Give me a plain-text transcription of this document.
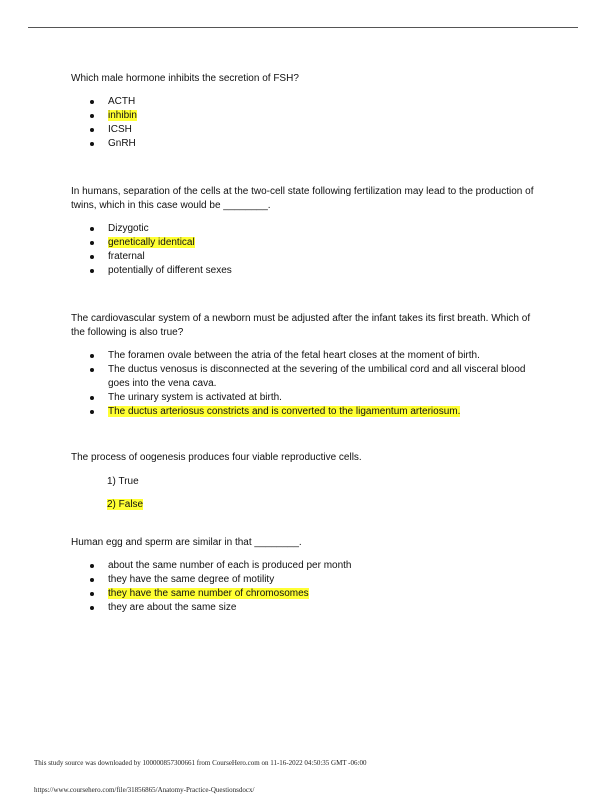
Which male hormone inhibits the secretion of FSH?

ACTH
inhibin
ICSH
GnRH

In humans, separation of the cells at the two-cell state following fertilization may lead to the production of twins, which in this case would be ________.

Dizygotic
genetically identical
fraternal
potentially of different sexes

The cardiovascular system of a newborn must be adjusted after the infant takes its first breath. Which of the following is also true?

The foramen ovale between the atria of the fetal heart closes at the moment of birth.
The ductus venosus is disconnected at the severing of the umbilical cord and all visceral blood goes into the vena cava.
The urinary system is activated at birth.
The ductus arteriosus constricts and is converted to the ligamentum arteriosum.

The process of oogenesis produces four viable reproductive cells.

1) True
2) False

Human egg and sperm are similar in that ________.

about the same number of each is produced per month
they have the same degree of motility
they have the same number of chromosomes
they are about the same size
This study source was downloaded by 100000857300661 from CourseHero.com on 11-16-2022 04:50:35 GMT -06:00
https://www.coursehero.com/file/31856865/Anatomy-Practice-Questionsdocx/
